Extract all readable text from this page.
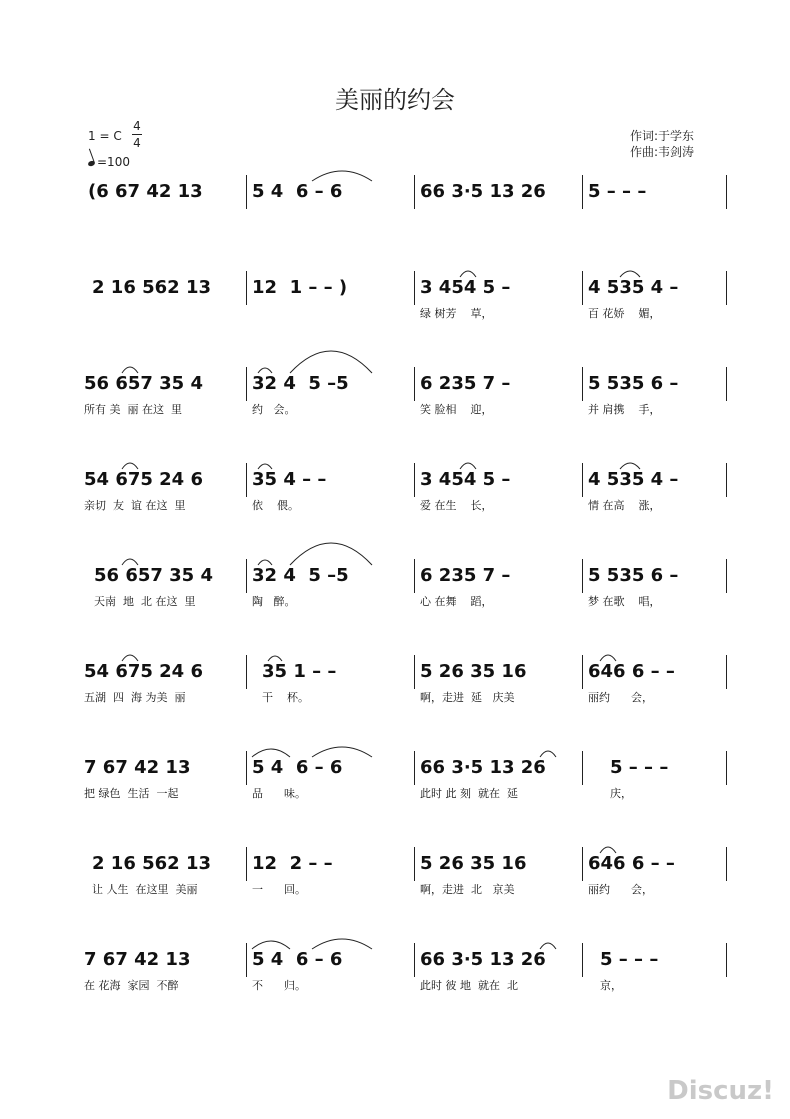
美丽的约会
1 = C
4
4
=100
作词:于学东
作曲:韦剑涛
(6 67 42 13	5 4  6 – 6	66 3·5 13 26 5 – – –
2 16 562 13 12  1 – – )	3 454 5 –
绿 树芳    草，
4 535 4 –
百 花娇    媚，
56 657 35 4
所有 美  丽 在这  里
32 4  5 –5
约   会。
6 235 7 –
笑 脸相    迎，
5 535 6 –
并 肩携    手，
54 675 24 6
亲切  友  谊 在这  里
35 4 – –
依    偎。
3 454 5 –
爱 在生    长，
4 535 4 –
情 在高    涨，
56 657 35 4
天南  地  北 在这  里
32 4  5 –5
陶   醉。
6 235 7 –
心 在舞    蹈，
5 535 6 –
梦 在歌    唱，
54 675 24 6
五湖  四  海 为美  丽
35 1 – –
干    杯。
5 26 35 16
啊，走进  延   庆美
646 6 – –
丽约      会，
7 67 42 13
把 绿色  生活  一起
5 4  6 – 6
品      味。
66 3·5 13 26
此时 此 刻  就在  延
5 – – –
庆，
2 16 562 13
让 人生  在这里  美丽
12  2 – –
一      回。
5 26 35 16
啊，走进  北   京美
646 6 – –
丽约      会，
7 67 42 13
在 花海  家园  不醉
5 4  6 – 6
不      归。
66 3·5 13 26
此时 彼 地  就在  北
5 – – –
京，
Discuz!
